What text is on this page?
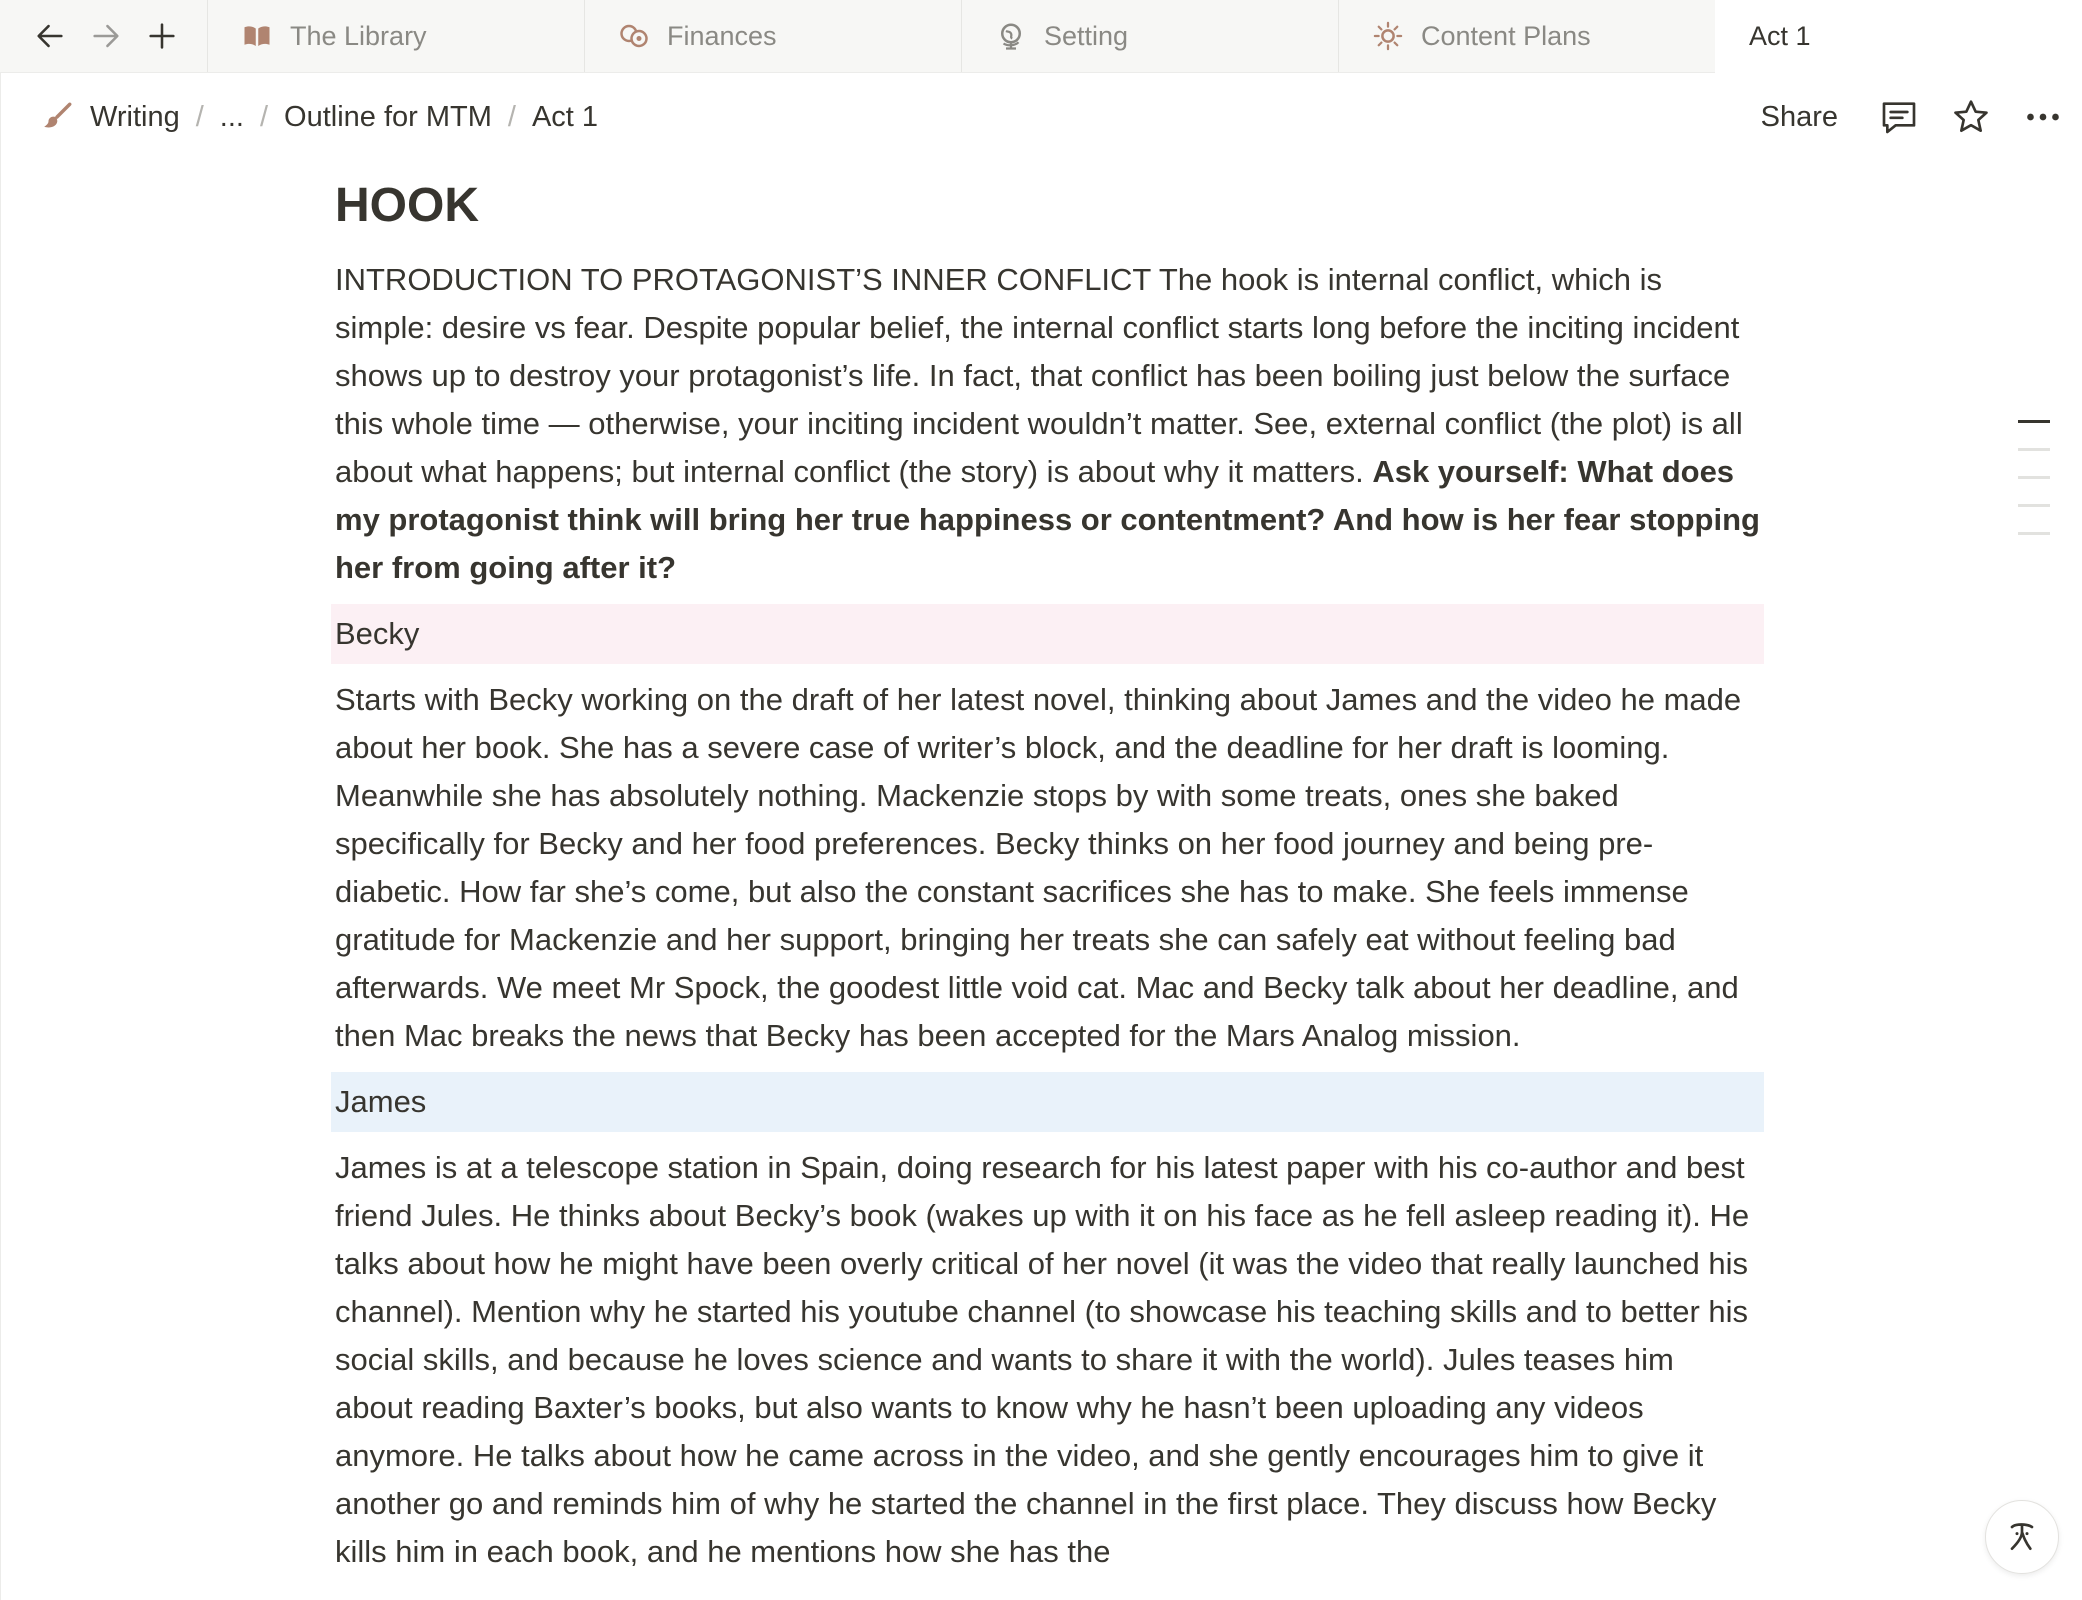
The Library	Finances	Setting	Content Plans	Act 1
Writing / ... / Outline for MTM / Act 1	Share
HOOK

INTRODUCTION TO PROTAGONIST’S INNER CONFLICT The hook is internal conflict, which is simple: desire vs fear. Despite popular belief, the internal conflict starts long before the inciting incident shows up to destroy your protagonist’s life. In fact, that conflict has been boiling just below the surface this whole time — otherwise, your inciting incident wouldn’t matter. See, external conflict (the plot) is all about what happens; but internal conflict (the story) is about why it matters. Ask yourself: What does my protagonist think will bring her true happiness or contentment? And how is her fear stopping her from going after it?

Becky

Starts with Becky working on the draft of her latest novel, thinking about James and the video he made about her book. She has a severe case of writer’s block, and the deadline for her draft is looming. Meanwhile she has absolutely nothing. Mackenzie stops by with some treats, ones she baked specifically for Becky and her food preferences. Becky thinks on her food journey and being pre-diabetic. How far she’s come, but also the constant sacrifices she has to make. She feels immense gratitude for Mackenzie and her support, bringing her treats she can safely eat without feeling bad afterwards. We meet Mr Spock, the goodest little void cat. Mac and Becky talk about her deadline, and then Mac breaks the news that Becky has been accepted for the Mars Analog mission.

James

James is at a telescope station in Spain, doing research for his latest paper with his co-author and best friend Jules. He thinks about Becky’s book (wakes up with it on his face as he fell asleep reading it). He talks about how he might have been overly critical of her novel (it was the video that really launched his channel). Mention why he started his youtube channel (to showcase his teaching skills and to better his social skills, and because he loves science and wants to share it with the world). Jules teases him about reading Baxter’s books, but also wants to know why he hasn’t been uploading any videos anymore. He talks about how he came across in the video, and she gently encourages him to give it another go and reminds him of why he started the channel in the first place. They discuss how Becky kills him in each book, and he mentions how she has the
